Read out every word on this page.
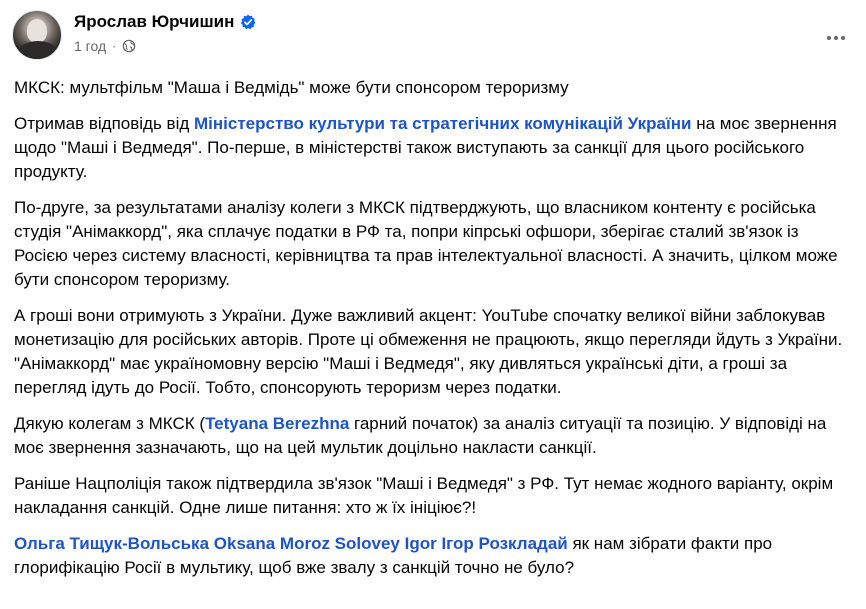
Ярослав Юрчишин
1 год ·

МКСК: мультфільм "Маша і Ведмідь" може бути спонсором тероризму

Отримав відповідь від Міністерство культури та стратегічних комунікацій України на моє звернення щодо "Маші і Ведмедя". По-перше, в міністерстві також виступають за санкції для цього російського продукту.

По-друге, за результатами аналізу колеги з МКСК підтверджують, що власником контенту є російська студія "Анімаккорд", яка сплачує податки в РФ та, попри кіпрські офшори, зберігає сталий зв'язок із Росією через систему власності, керівництва та прав інтелектуальної власності. А значить, цілком може бути спонсором тероризму.

А гроші вони отримують з України. Дуже важливий акцент: YouTube спочатку великої війни заблокував монетизацію для російських авторів. Проте ці обмеження не працюють, якщо перегляди йдуть з України. "Анімаккорд" має україномовну версію "Маші і Ведмедя", яку дивляться українські діти, а гроші за перегляд ідуть до Росії. Тобто, спонсорують тероризм через податки.

Дякую колегам з МКСК (Tetyana Berezhna гарний початок) за аналіз ситуації та позицію. У відповіді на моє звернення зазначають, що на цей мультик доцільно накласти санкції.

Раніше Нацполіція також підтвердила зв'язок "Маші і Ведмедя" з РФ. Тут немає жодного варіанту, окрім накладання санкцій. Одне лише питання: хто ж їх ініціює?!

Ольга Тищук-Вольська Oksana Moroz Solovey Igor Ігор Розкладай як нам зібрати факти про глорифікацію Росії в мультику, щоб вже звалу з санкцій точно не було?
